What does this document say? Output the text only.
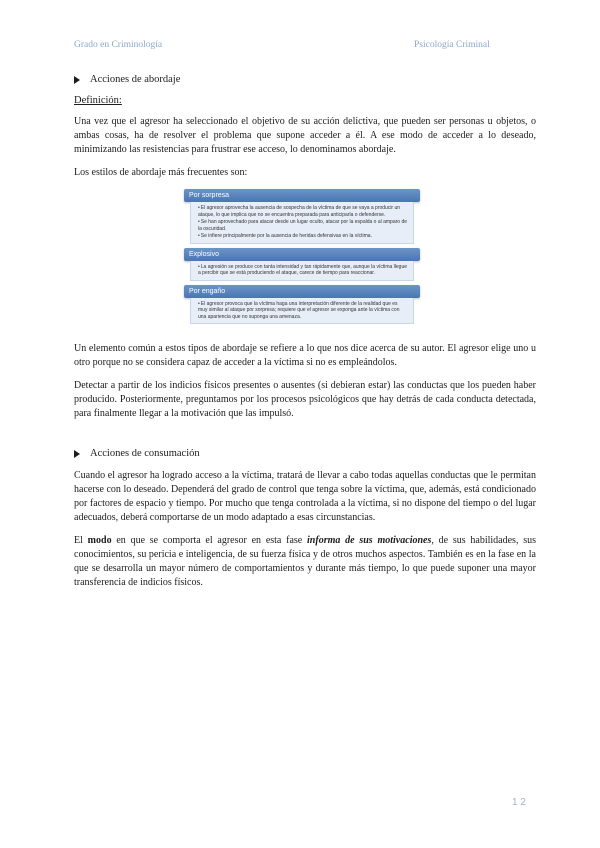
Grado en Criminología	Psicología Criminal
Acciones de abordaje
Definición:

Una vez que el agresor ha seleccionado el objetivo de su acción delictiva, que pueden ser personas u objetos, o ambas cosas, ha de resolver el problema que supone acceder a él. A ese modo de acceder a lo deseado, minimizando las resistencias para frustrar ese acceso, lo denominamos abordaje.

Los estilos de abordaje más frecuentes son:

Por sorpresa
• El agresor aprovecha la ausencia de sospecha de la víctima de que se vaya a producir un ataque, lo que implica que no se encuentra preparada para anticiparla o defenderse.
• Se han aprovechado para atacar desde un lugar oculto, atacar por la espalda o al amparo de la oscuridad.
• Se infiere principalmente por la ausencia de heridas defensivas en la víctima.
Explosivo
• La agresión se produce con tanta intensidad y tan rápidamente que, aunque la víctima llegue a percibir que se está produciendo el ataque, carece de tiempo para reaccionar.
Por engaño
• El agresor provoca que la víctima haga una interpretación diferente de la realidad que es muy similar al ataque por sorpresa; requiere que el agresor se exponga ante la víctima con una apariencia que no suponga una amenaza.

Un elemento común a estos tipos de abordaje se refiere a lo que nos dice acerca de su autor. El agresor elige uno u otro porque no se considera capaz de acceder a la víctima si no es empleándolos.

Detectar a partir de los indicios físicos presentes o ausentes (si debieran estar) las conductas que los pueden haber producido. Posteriormente, preguntamos por los procesos psicológicos que hay detrás de cada conducta detectada, para finalmente llegar a la motivación que las impulsó.

Acciones de consumación

Cuando el agresor ha logrado acceso a la víctima, tratará de llevar a cabo todas aquellas conductas que le permitan hacerse con lo deseado. Dependerá del grado de control que tenga sobre la víctima, que, además, está condicionado por factores de espacio y tiempo. Por mucho que tenga controlada a la víctima, si no dispone del tiempo o del lugar adecuados, deberá comportarse de un modo adaptado a esas circunstancias.

El modo en que se comporta el agresor en esta fase informa de sus motivaciones, de sus habilidades, sus conocimientos, su pericia e inteligencia, de su fuerza física y de otros muchos aspectos. También es en la fase en la que se desarrolla un mayor número de comportamientos y durante más tiempo, lo que puede suponer una mayor transferencia de indicios físicos.

1 2
